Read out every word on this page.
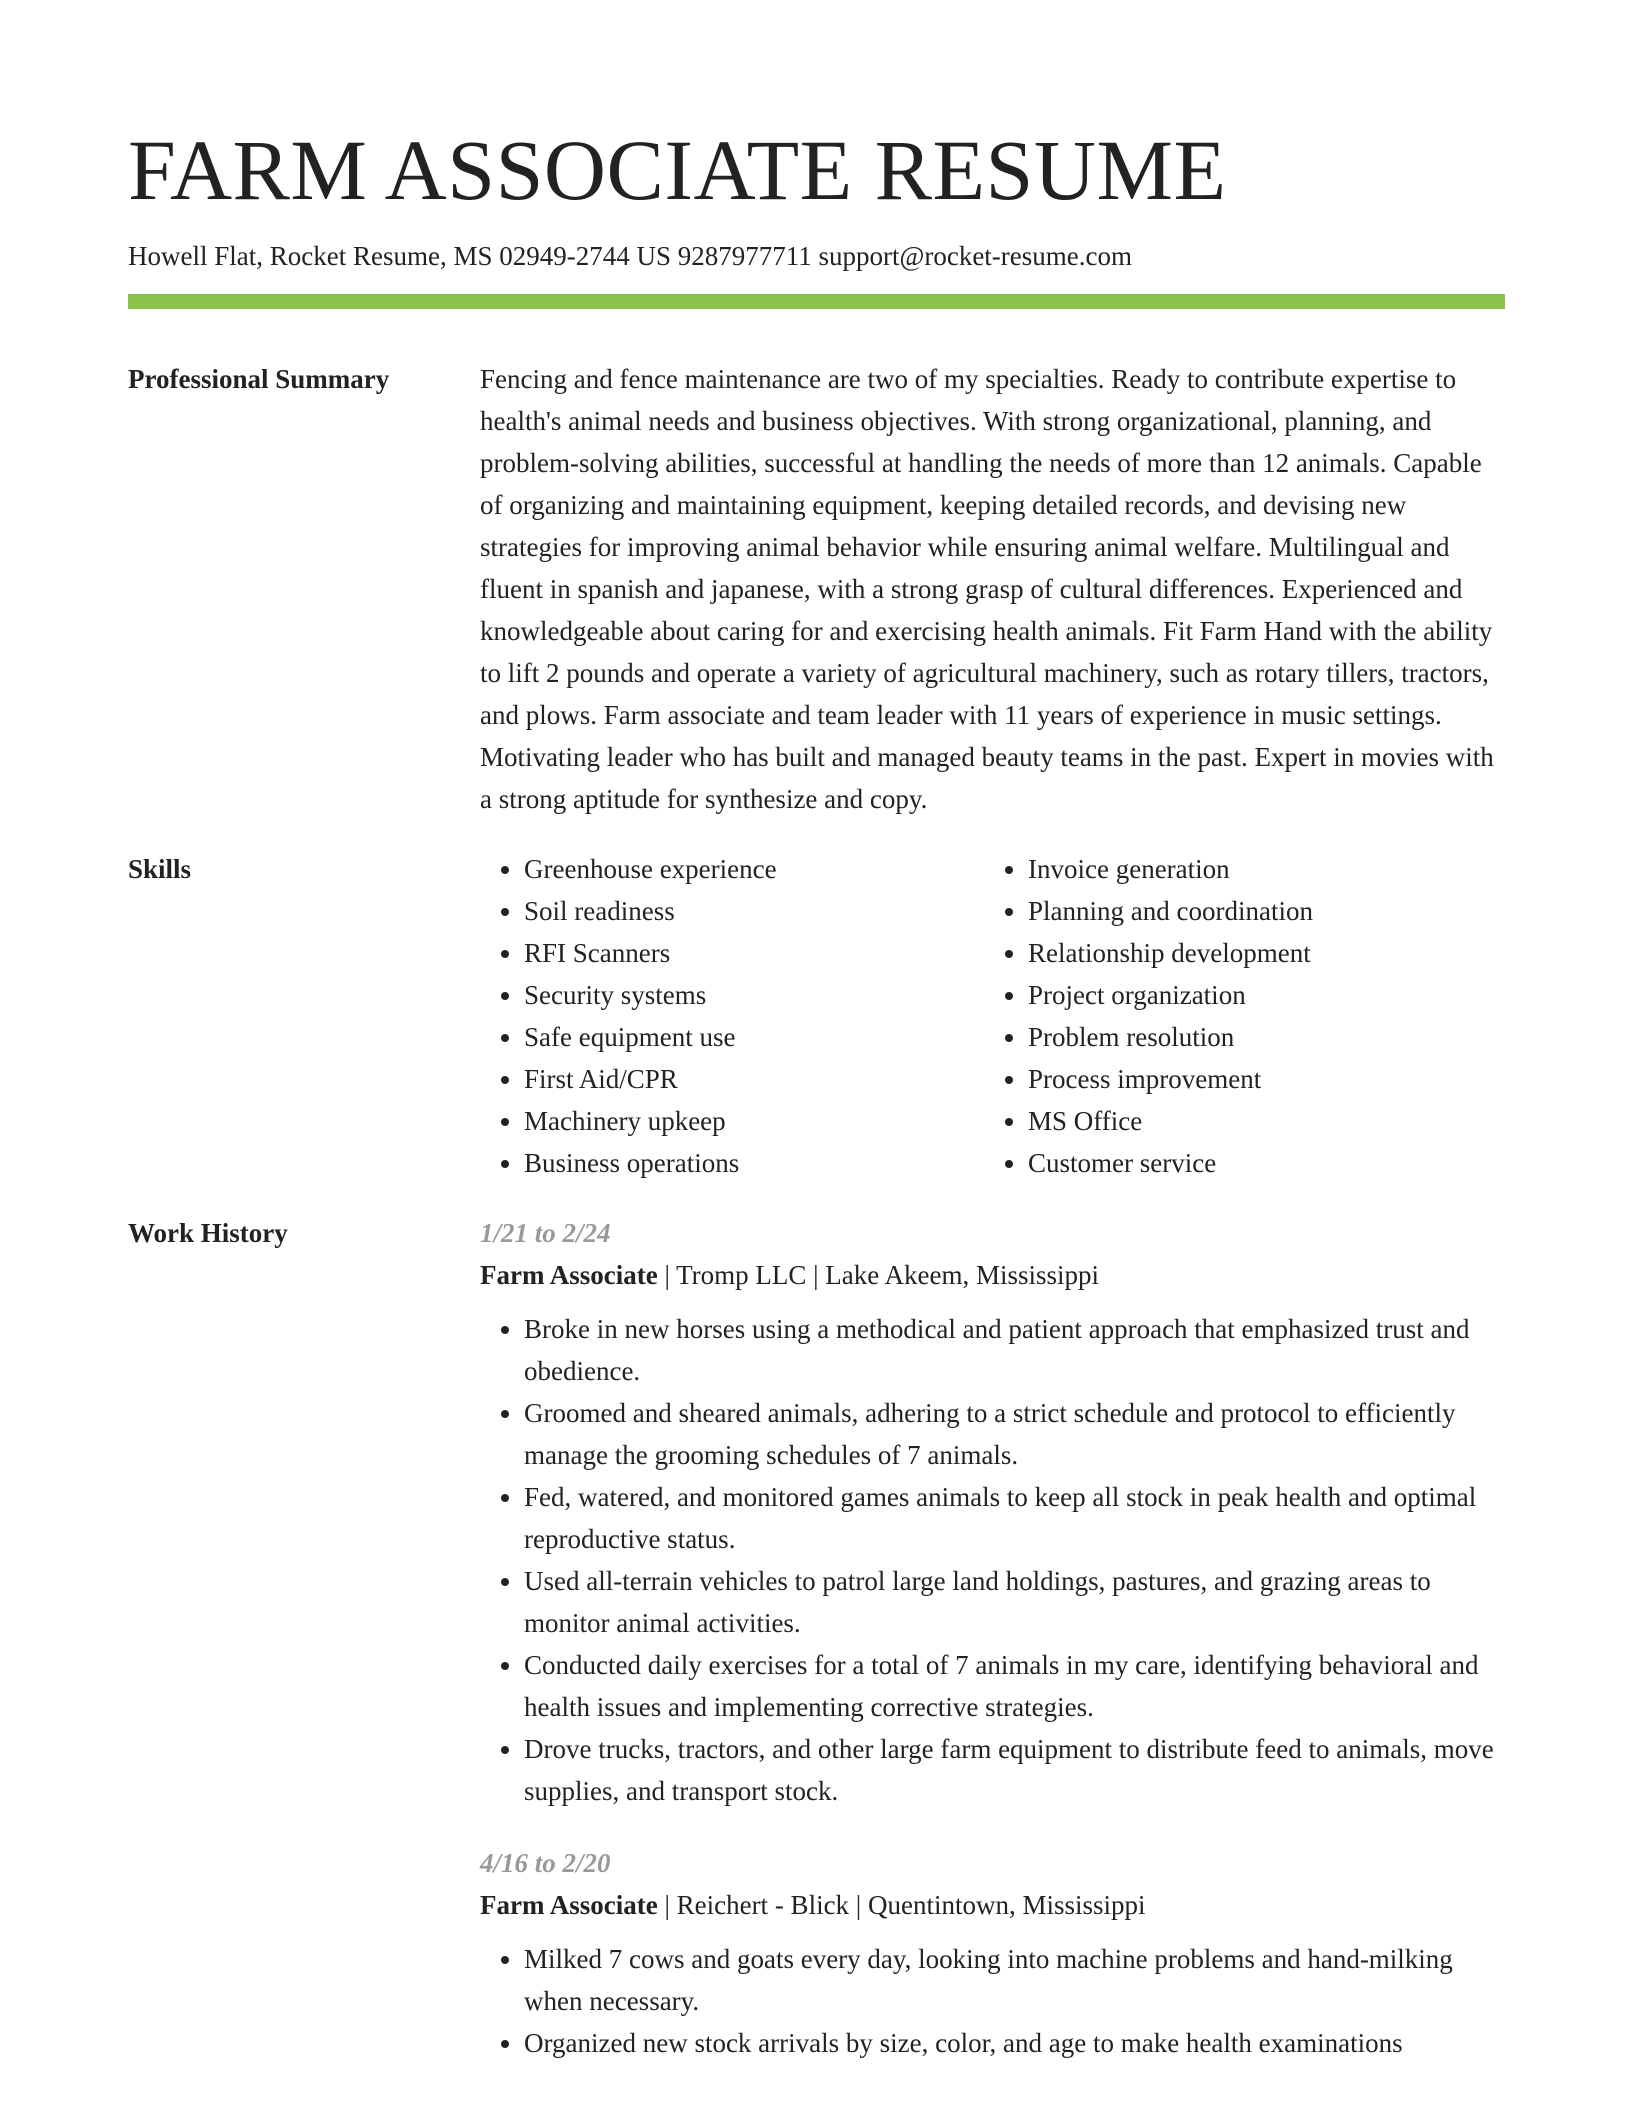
FARM ASSOCIATE RESUME
Howell Flat, Rocket Resume, MS 02949-2744 US 9287977711 support@rocket-resume.com
Professional Summary	Fencing and fence maintenance are two of my specialties. Ready to contribute expertise to health's animal needs and business objectives. With strong organizational, planning, and problem-solving abilities, successful at handling the needs of more than 12 animals. Capable of organizing and maintaining equipment, keeping detailed records, and devising new strategies for improving animal behavior while ensuring animal welfare. Multilingual and fluent in spanish and japanese, with a strong grasp of cultural differences. Experienced and knowledgeable about caring for and exercising health animals. Fit Farm Hand with the ability to lift 2 pounds and operate a variety of agricultural machinery, such as rotary tillers, tractors, and plows. Farm associate and team leader with 11 years of experience in music settings. Motivating leader who has built and managed beauty teams in the past. Expert in movies with a strong aptitude for synthesize and copy.
Skills
•	Greenhouse experience
• Soil readiness
• RFI Scanners
• Security systems
• Safe equipment use
• First Aid/CPR
• Machinery upkeep
• Business operations
• Invoice generation
• Planning and coordination
• Relationship development
• Project organization
• Problem resolution
• Process improvement
• MS Office
• Customer service
Work History	1/21 to 2/24
Farm Associate | Tromp LLC | Lake Akeem, Mississippi
• Broke in new horses using a methodical and patient approach that emphasized trust and obedience.
• Groomed and sheared animals, adhering to a strict schedule and protocol to efficiently manage the grooming schedules of 7 animals.
• Fed, watered, and monitored games animals to keep all stock in peak health and optimal reproductive status.
• Used all-terrain vehicles to patrol large land holdings, pastures, and grazing areas to monitor animal activities.
• Conducted daily exercises for a total of 7 animals in my care, identifying behavioral and health issues and implementing corrective strategies.
• Drove trucks, tractors, and other large farm equipment to distribute feed to animals, move supplies, and transport stock.
4/16 to 2/20
Farm Associate | Reichert - Blick | Quentintown, Mississippi
• Milked 7 cows and goats every day, looking into machine problems and hand-milking when necessary.
• Organized new stock arrivals by size, color, and age to make health examinations
